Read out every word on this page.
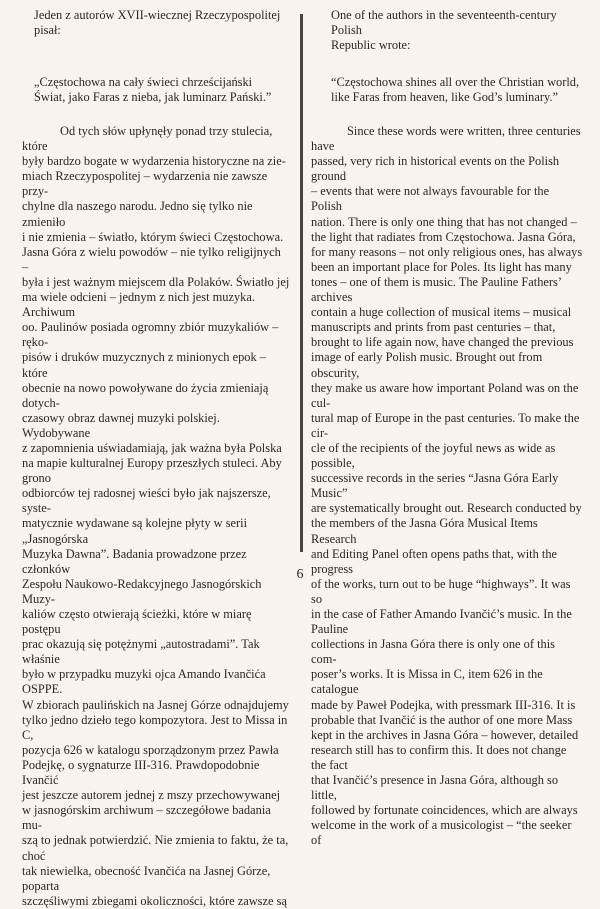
Jeden z autorów XVII-wiecznej Rzeczypospolitej
pisał:
„Częstochowa na cały świeci chrześcijański
Świat, jako Faras z nieba, jak luminarz Pański.”
Od tych słów upłynęły ponad trzy stulecia, które
były bardzo bogate w wydarzenia historyczne na zie-
miach Rzeczypospolitej – wydarzenia nie zawsze przy-
chylne dla naszego narodu. Jedno się tylko nie zmieniło
i nie zmienia – światło, którym świeci Częstochowa.
Jasna Góra z wielu powodów – nie tylko religijnych –
była i jest ważnym miejscem dla Polaków. Światło jej
ma wiele odcieni – jednym z nich jest muzyka. Archiwum
oo. Paulinów posiada ogromny zbiór muzykaliów – ręko-
pisów i druków muzycznych z minionych epok – które
obecnie na nowo powoływane do życia zmieniają dotych-
czasowy obraz dawnej muzyki polskiej. Wydobywane
z zapomnienia uświadamiają, jak ważna była Polska
na mapie kulturalnej Europy przeszłych stuleci. Aby grono
odbiorców tej radosnej wieści było jak najszersze, syste-
matycznie wydawane są kolejne płyty w serii „Jasnogórska
Muzyka Dawna”. Badania prowadzone przez członków
Zespołu Naukowo-Redakcyjnego Jasnogórskich Muzy-
kaliów często otwierają ścieżki, które w miarę postępu
prac okazują się potężnymi „autostradami”. Tak właśnie
było w przypadku muzyki ojca Amando Ivančića OSPPE.
W zbiorach paulińskich na Jasnej Górze odnajdujemy
tylko jedno dzieło tego kompozytora. Jest to Missa in C,
pozycja 626 w katalogu sporządzonym przez Pawła
Podejkę, o sygnaturze III-316. Prawdopodobnie Ivančić
jest jeszcze autorem jednej z mszy przechowywanej
w jasnogórskim archiwum – szczegółowe badania mu-
szą to jednak potwierdzić. Nie zmienia to faktu, że ta, choć
tak niewielka, obecność Ivančića na Jasnej Górze, poparta
szczęśliwymi zbiegami okoliczności, które zawsze są
One of the authors in the seventeenth-century Polish
Republic wrote:
“Częstochowa shines all over the Christian world,
like Faras from heaven, like God’s luminary.”
Since these words were written, three centuries have
passed, very rich in historical events on the Polish ground
– events that were not always favourable for the Polish
nation. There is only one thing that has not changed –
the light that radiates from Częstochowa. Jasna Góra,
for many reasons – not only religious ones, has always
been an important place for Poles. Its light has many
tones – one of them is music. The Pauline Fathers’ archives
contain a huge collection of musical items – musical
manuscripts and prints from past centuries – that,
brought to life again now, have changed the previous
image of early Polish music. Brought out from obscurity,
they make us aware how important Poland was on the cul-
tural map of Europe in the past centuries. To make the cir-
cle of the recipients of the joyful news as wide as possible,
successive records in the series “Jasna Góra Early Music”
are systematically brought out. Research conducted by
the members of the Jasna Góra Musical Items Research
and Editing Panel often opens paths that, with the progress
of the works, turn out to be huge “highways”. It was so
in the case of Father Amando Ivančić’s music. In the Pauline
collections in Jasna Góra there is only one of this com-
poser’s works. It is Missa in C, item 626 in the catalogue
made by Paweł Podejka, with pressmark III-316. It is
probable that Ivančić is the author of one more Mass
kept in the archives in Jasna Góra – however, detailed
research still has to confirm this. It does not change the fact
that Ivančić’s presence in Jasna Góra, although so little,
followed by fortunate coincidences, which are always
welcome in the work of a musicologist – “the seeker of
6
